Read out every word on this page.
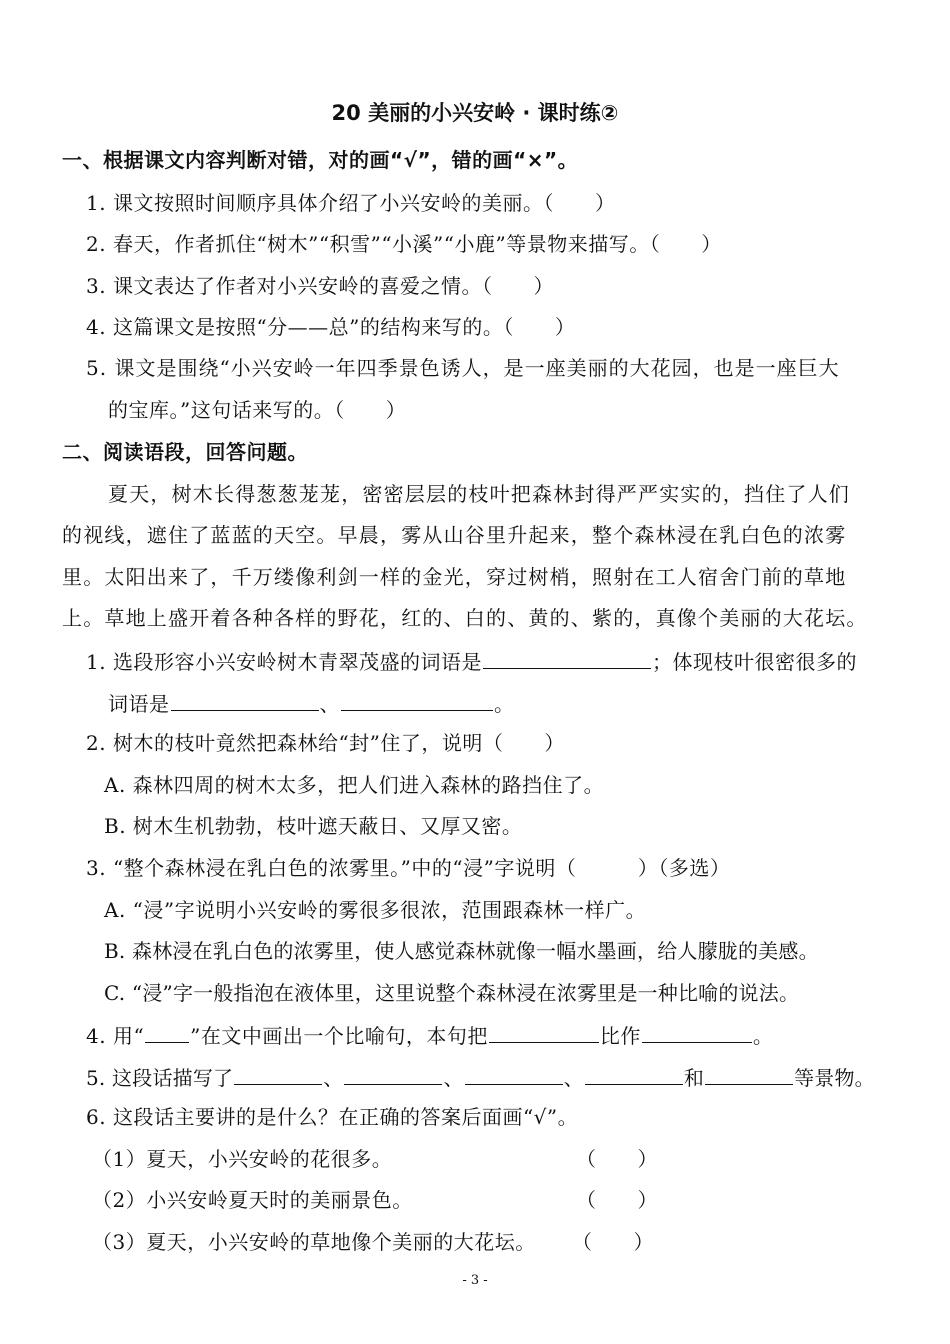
20 美丽的小兴安岭 · 课时练②
一、根据课文内容判断对错，对的画“√”，错的画“×”。
1. 课文按照时间顺序具体介绍了小兴安岭的美丽。（　　）
2. 春天，作者抓住“树木”“积雪”“小溪”“小鹿”等景物来描写。（　　）
3. 课文表达了作者对小兴安岭的喜爱之情。（　　）
4. 这篇课文是按照“分——总”的结构来写的。（　　）
5. 课文是围绕“小兴安岭一年四季景色诱人，是一座美丽的大花园，也是一座巨大
的宝库。”这句话来写的。（　　）
二、阅读语段，回答问题。
夏天，树木长得葱葱茏茏，密密层层的枝叶把森林封得严严实实的，挡住了人们
的视线，遮住了蓝蓝的天空。早晨，雾从山谷里升起来，整个森林浸在乳白色的浓雾
里。太阳出来了，千万缕像利剑一样的金光，穿过树梢，照射在工人宿舍门前的草地
上。草地上盛开着各种各样的野花，红的、白的、黄的、紫的，真像个美丽的大花坛。
1. 选段形容小兴安岭树木青翠茂盛的词语是	；体现枝叶很密很多的
词语是	、	。
2. 树木的枝叶竟然把森林给“封”住了，说明（　　）
A. 森林四周的树木太多，把人们进入森林的路挡住了。
B. 树木生机勃勃，枝叶遮天蔽日、又厚又密。
3. “整个森林浸在乳白色的浓雾里。”中的“浸”字说明（　　　）（多选）
A. “浸”字说明小兴安岭的雾很多很浓，范围跟森林一样广。
B. 森林浸在乳白色的浓雾里，使人感觉森林就像一幅水墨画，给人朦胧的美感。
C. “浸”字一般指泡在液体里，这里说整个森林浸在浓雾里是一种比喻的说法。
4. 用“ ”在文中画出一个比喻句，本句把	比作	。
5. 这段话描写了	、	、	、	和	等景物。
6. 这段话主要讲的是什么？在正确的答案后面画“√”。
（1）夏天，小兴安岭的花很多。	（　　）
（2）小兴安岭夏天时的美丽景色。	（　　）
（3）夏天，小兴安岭的草地像个美丽的大花坛。 （　　）
- 3 -
